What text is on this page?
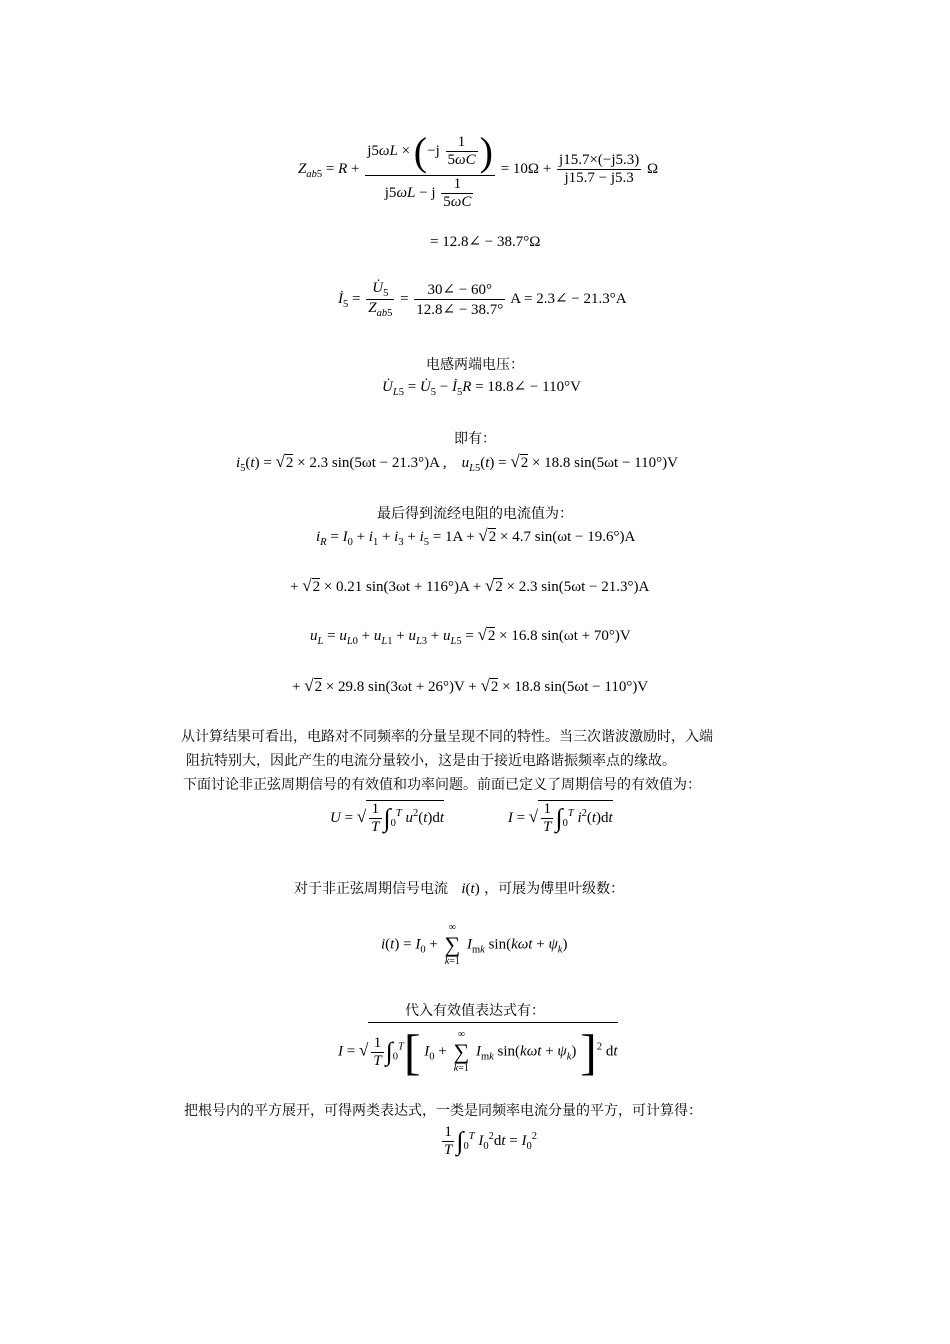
$Z_{ab5} = R + \frac{j5\omega L \times (-j \frac{1}{5\omega C} )}{j5\omega L - j \frac{1}{5\omega C}} = 10\Omega + \frac{j15.7\times(-j5.3)}{j15.7 - j5.3}$ Ω
= 12.8∠ − 38.7°Ω
$İ_5 = \frac{U̇_5}{Z_{ab5}} = \frac{30\angle - 60^\circ}{12.8\angle - 38.7^\circ}$ A = 2.3∠ − 21.3°A
电感两端电压：
$U̇_{L5}$ = $U̇_5$ − $İ_5R$ = 18.8∠ − 110°V
即有：
$i_5(t) = √2 \times 2.3$ sin(5ωt − 21.3°)A ,    $u_{L5}(t) = √2 \times 18.8$ sin(5ωt − 110°)V
最后得到流经电阻的电流值为：
$i_R = I_0 + i_1 + i_3 + i_5 = 1A + √2 \times 4.7$ sin(ωt − 19.6°)A
+ √2 × 0.21 sin(3ωt + 116°)A + √2 × 2.3 sin(5ωt − 21.3°)A
$u_L = u_{L0} + u_{L1} + u_{L3} + u_{L5} = √2 \times 16.8$ sin(ωt + 70°)V
+ √2 × 29.8 sin(3ωt + 26°)V + √2 × 18.8 sin(5ωt − 110°)V
从计算结果可看出，电路对不同频率的分量呈现不同的特性。当三次谐波激励时，入端
阻抗特别大，因此产生的电流分量较小，这是由于接近电路谐振频率点的缘故。
下面讨论非正弦周期信号的有效值和功率问题。前面已定义了周期信号的有效值为：
U = √ $\frac{1}{T} \int_0^T$ $u^2(t)dt$	I = √ $\frac{1}{T} \int_0^T$ $i^2(t)dt$
对于非正弦周期信号电流 i(t) ，可展为傅里叶级数：
$i(t) = I_0$ +
∞
∑
k=1
$I_{mk}$ $\sin(k\omega t + \psi_k)$
代入有效值表达式有：
I = √ $\frac{1}{T} \int_0^T$[ $I_0$ +
∞
∑
k=1
$I_{mk}$ $\sin(k\omega t + \psi_k)$ ]$^2$ dt
把根号内的平方展开，可得两类表达式，一类是同频率电流分量的平方，可计算得：
$\frac{1}{T} \int_0^T$ $I_0^2dt = I_0^2$
